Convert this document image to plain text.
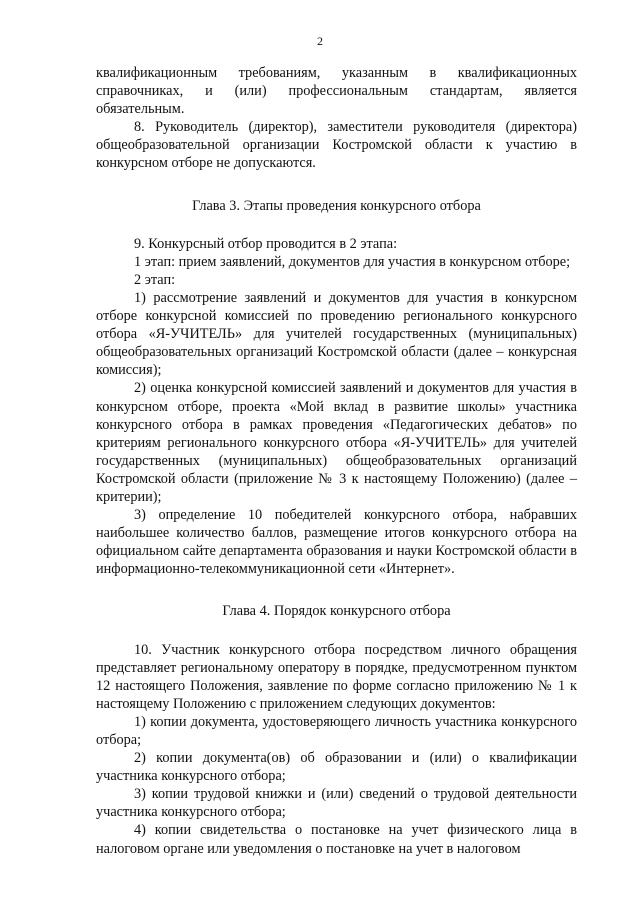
2

квалификационным требованиям, указанным в квалификационных справочниках, и (или) профессиональным стандартам, является обязательным.

8. Руководитель (директор), заместители руководителя (директора) общеобразовательной организации Костромской области к участию в конкурсном отборе не допускаются.

Глава 3. Этапы проведения конкурсного отбора

9. Конкурсный отбор проводится в 2 этапа:

1 этап: прием заявлений, документов для участия в конкурсном отборе;

2 этап:

1) рассмотрение заявлений и документов для участия в конкурсном отборе конкурсной комиссией по проведению регионального конкурсного отбора «Я-УЧИТЕЛЬ» для учителей государственных (муниципальных) общеобразовательных организаций Костромской области (далее – конкурсная комиссия);

2) оценка конкурсной комиссией заявлений и документов для участия в конкурсном отборе, проекта «Мой вклад в развитие школы» участника конкурсного отбора в рамках проведения «Педагогических дебатов» по критериям регионального конкурсного отбора «Я-УЧИТЕЛЬ» для учителей государственных (муниципальных) общеобразовательных организаций Костромской области (приложение № 3 к настоящему Положению) (далее – критерии);

3) определение 10 победителей конкурсного отбора, набравших наибольшее количество баллов, размещение итогов конкурсного отбора на официальном сайте департамента образования и науки Костромской области в информационно-телекоммуникационной сети «Интернет».

Глава 4. Порядок конкурсного отбора

10. Участник конкурсного отбора посредством личного обращения представляет региональному оператору в порядке, предусмотренном пунктом 12 настоящего Положения, заявление по форме согласно приложению № 1 к настоящему Положению с приложением следующих документов:

1) копии документа, удостоверяющего личность участника конкурсного отбора;

2) копии документа(ов) об образовании и (или) о квалификации участника конкурсного отбора;

3) копии трудовой книжки и (или) сведений о трудовой деятельности участника конкурсного отбора;

4) копии свидетельства о постановке на учет физического лица в налоговом органе или уведомления о постановке на учет в налоговом
